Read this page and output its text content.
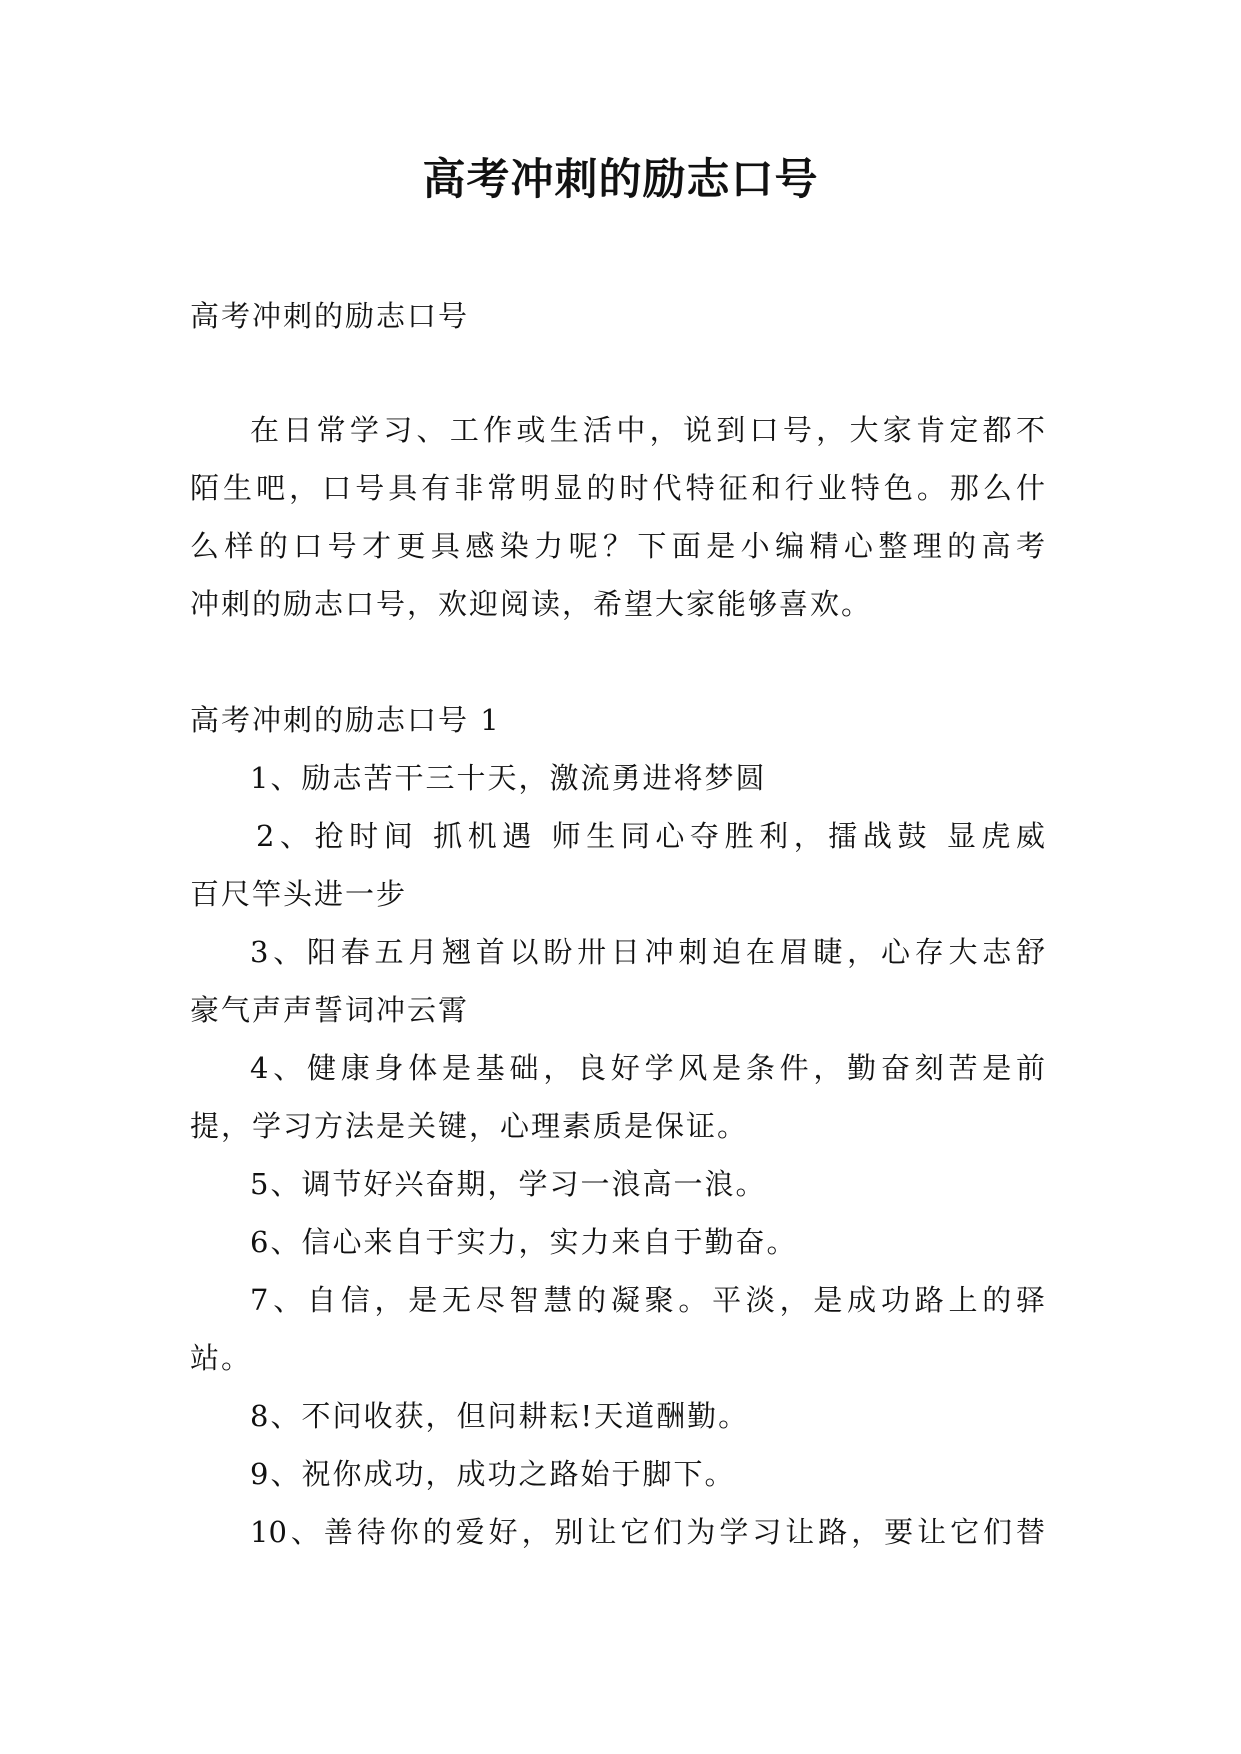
高考冲刺的励志口号
高考冲刺的励志口号
在日常学习、工作或生活中，说到口号，大家肯定都不
陌生吧，口号具有非常明显的时代特征和行业特色。那么什
么样的口号才更具感染力呢？下面是小编精心整理的高考
冲刺的励志口号，欢迎阅读，希望大家能够喜欢。
高考冲刺的励志口号 1
1、励志苦干三十天，激流勇进将梦圆
2、抢时间 抓机遇 师生同心夺胜利，擂战鼓 显虎威
百尺竿头进一步
3、阳春五月翘首以盼卅日冲刺迫在眉睫，心存大志舒
豪气声声誓词冲云霄
4、健康身体是基础，良好学风是条件，勤奋刻苦是前
提，学习方法是关键，心理素质是保证。
5、调节好兴奋期，学习一浪高一浪。
6、信心来自于实力，实力来自于勤奋。
7、自信，是无尽智慧的凝聚。平淡，是成功路上的驿
站。
8、不问收获，但问耕耘!天道酬勤。
9、祝你成功，成功之路始于脚下。
10、善待你的爱好，别让它们为学习让路，要让它们替
